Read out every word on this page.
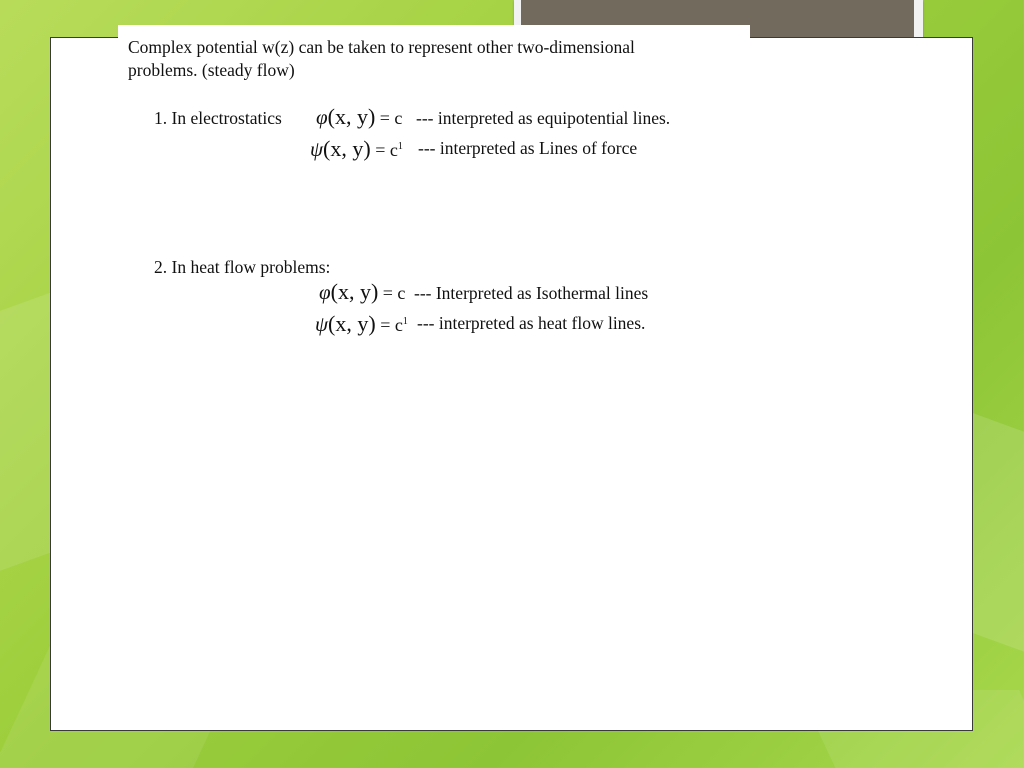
Complex potential w(z) can be taken to represent other two-dimensional
problems. (steady flow)
1. In electrostatics φ(x, y) = c --- interpreted as equipotential lines.
ψ(x, $y) = c^1$ --- interpreted as Lines of force
2. In heat flow problems:
φ(x, y) = c --- Interpreted as Isothermal lines
ψ(x, $y) = c^1$ --- interpreted as heat flow lines.
